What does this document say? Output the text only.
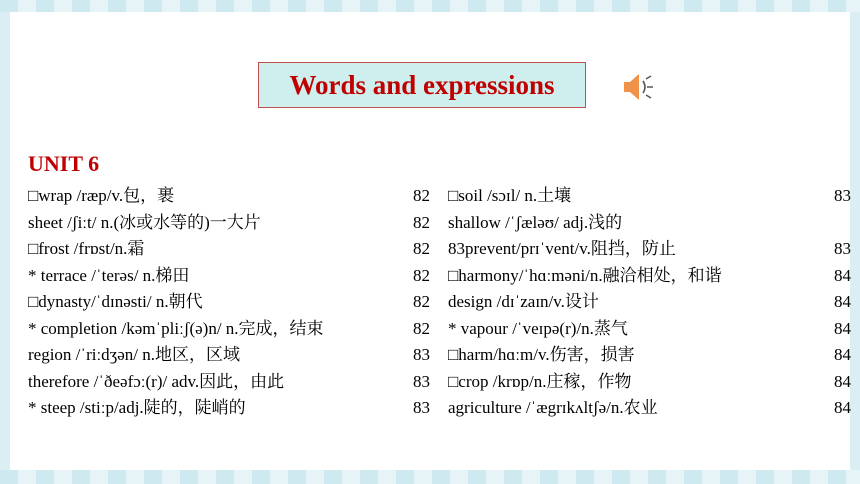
Words and expressions
UNIT 6
□wrap /ræp/v.包，裹	82
sheet /ʃiːt/ n.(冰或水等的)一大片	82
□frost /frɒst/n.霜	82
* terrace /ˈterəs/ n.梯田	82
□dynasty/ˈdɪnəsti/ n.朝代	82
* completion /kəmˈpliːʃ(ə)n/ n.完成，结束	82
region /ˈriːdʒən/ n.地区，区域	83
therefore /ˈðeəfɔː(r)/ adv.因此，由此	83
* steep /stiːp/adj.陡的，陡峭的	83
□soil /sɔɪl/ n.土壤	83
shallow /ˈʃæləʊ/ adj.浅的
83prevent/prɪˈvent/v.阻挡，防止	83
□harmony/ˈhɑːməni/n.融洽相处，和谐	84
design /dɪˈzaɪn/v.设计	84
* vapour /ˈveɪpə(r)/n.蒸气	84
□harm/hɑːm/v.伤害，损害	84
□crop /krɒp/n.庄稼，作物	84
agriculture /ˈægrɪkʌltʃə/n.农业	84
